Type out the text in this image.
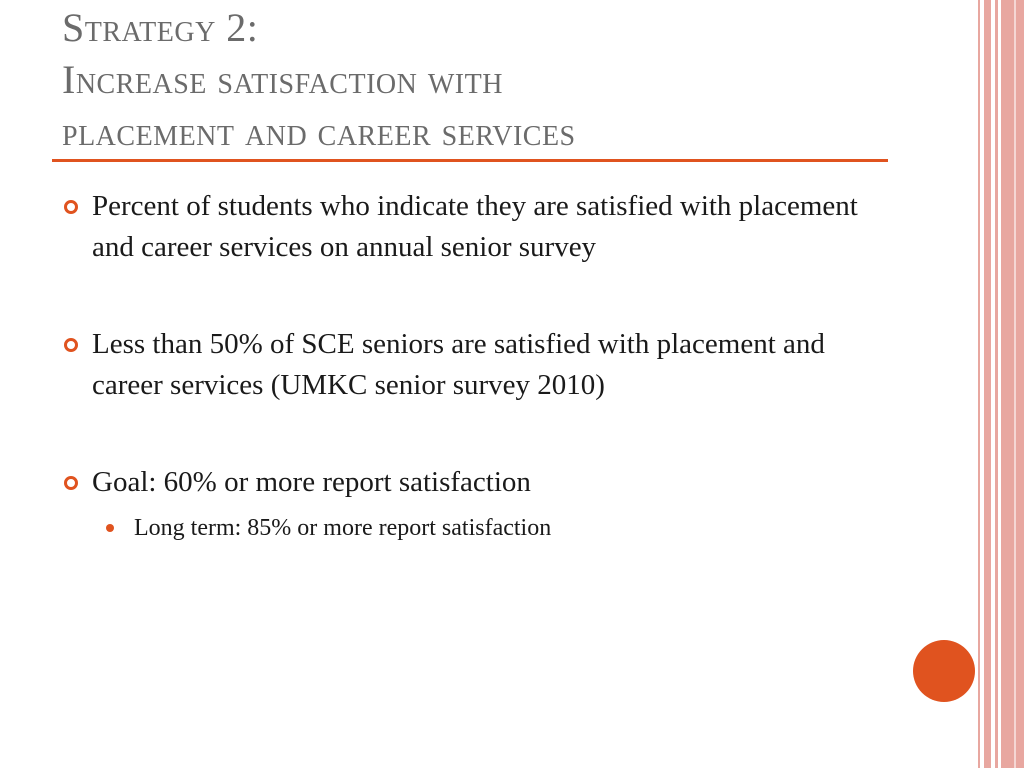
Strategy 2:
Increase satisfaction with
placement and career services
Percent of students who indicate they are satisfied with placement and career services on annual senior survey
Less than 50% of SCE seniors are satisfied with placement and career services (UMKC senior survey 2010)
Goal: 60% or more report satisfaction
Long term: 85% or more report satisfaction
